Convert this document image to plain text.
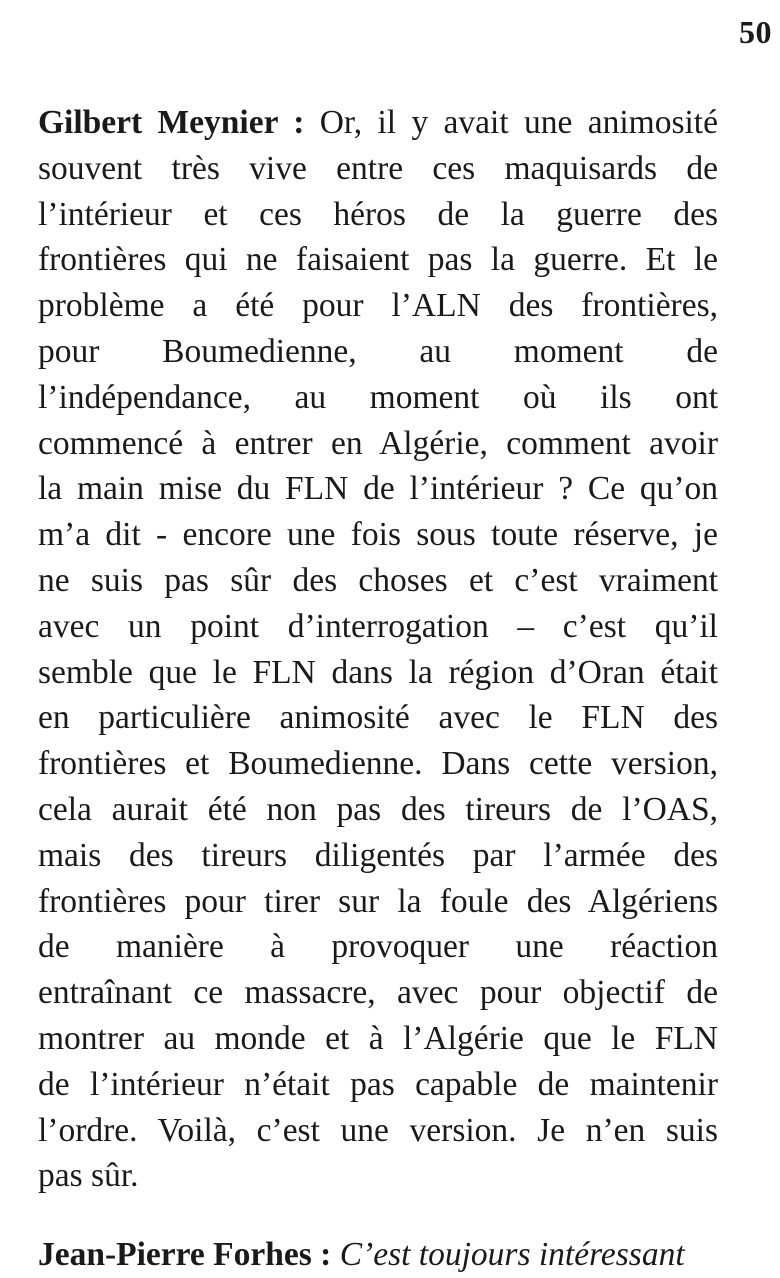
50
Gilbert Meynier : Or, il y avait une animosité
souvent très vive entre ces maquisards de
l’intérieur et ces héros de la guerre des
frontières qui ne faisaient pas la guerre. Et le
problème a été pour l’ALN des frontières,
pour Boumedienne, au moment de
l’indépendance, au moment où ils ont
commencé à entrer en Algérie, comment avoir
la main mise du FLN de l’intérieur ? Ce qu’on
m’a dit - encore une fois sous toute réserve, je
ne suis pas sûr des choses et c’est vraiment
avec un point d’interrogation – c’est qu’il
semble que le FLN dans la région d’Oran était
en particulière animosité avec le FLN des
frontières et Boumedienne. Dans cette version,
cela aurait été non pas des tireurs de l’OAS,
mais des tireurs diligentés par l’armée des
frontières pour tirer sur la foule des Algériens
de manière à provoquer une réaction
entraînant ce massacre, avec pour objectif de
montrer au monde et à l’Algérie que le FLN
de l’intérieur n’était pas capable de maintenir
l’ordre. Voilà, c’est une version. Je n’en suis
pas sûr.
Jean-Pierre Forhes : C’est toujours intéressant
